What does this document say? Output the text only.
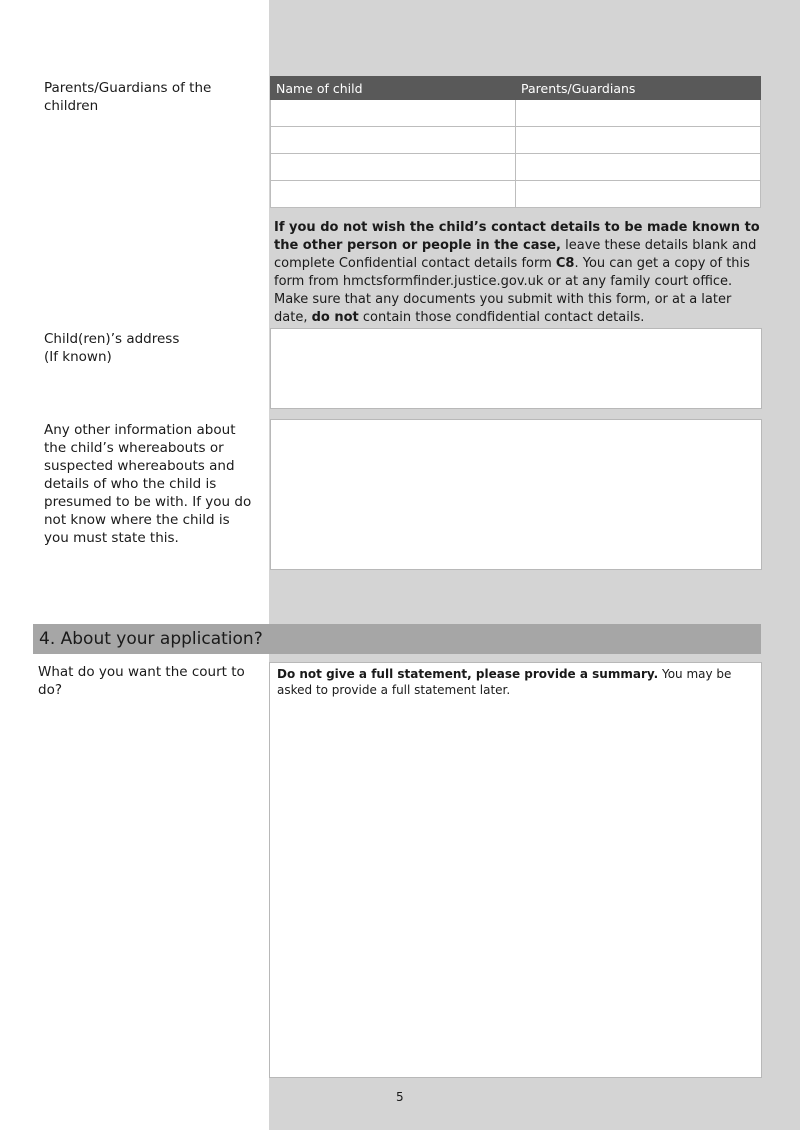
Parents/Guardians of the children
Name of child	Parents/Guardians

If you do not wish the child’s contact details to be made known to the other person or people in the case, leave these details blank and complete Confidential contact details form C8. You can get a copy of this form from hmctsformfinder.justice.gov.uk or at any family court office. Make sure that any documents you submit with this form, or at a later date, do not contain those condfidential contact details.
Child(ren)’s address
(If known)
Any other information about the child’s whereabouts or suspected whereabouts and details of who the child is presumed to be with. If you do not know where the child is you must state this.
4. About your application?
What do you want the court to do?
Do not give a full statement, please provide a summary. You may be asked to provide a full statement later.
5
